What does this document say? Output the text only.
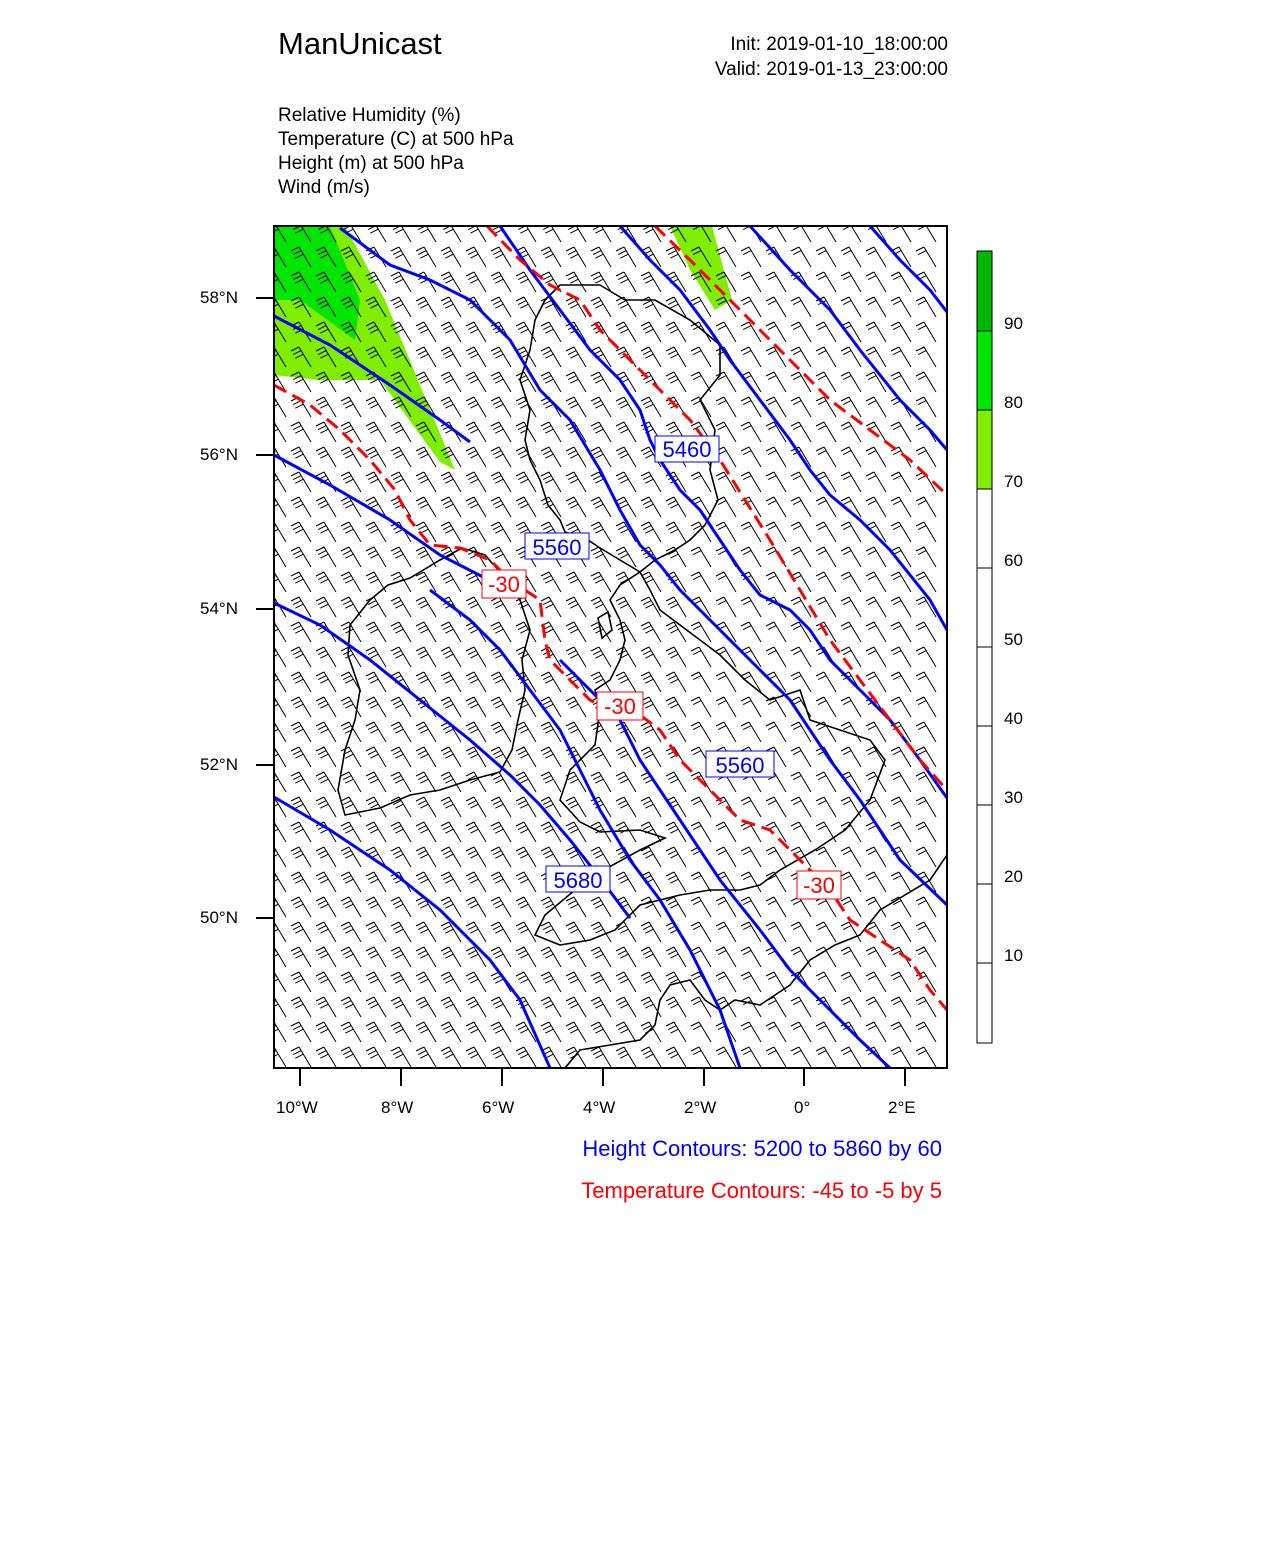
ManUnicast	Init: 2019-01-10_18:00:00
Valid: 2019-01-13_23:00:00
Relative Humidity (%)
Temperature (C) at 500 hPa
Height (m) at 500 hPa
Wind (m/s)
5460
5560
5560
5680
-30
-30
-30
58°N
56°N
54°N
52°N
50°N
10°W	8°W	6°W	4°W	2°W	0°	2°E
90
80
70
60
50
40
30
20
10
Height Contours: 5200 to 5860 by 60
Temperature Contours: -45 to -5 by 5
